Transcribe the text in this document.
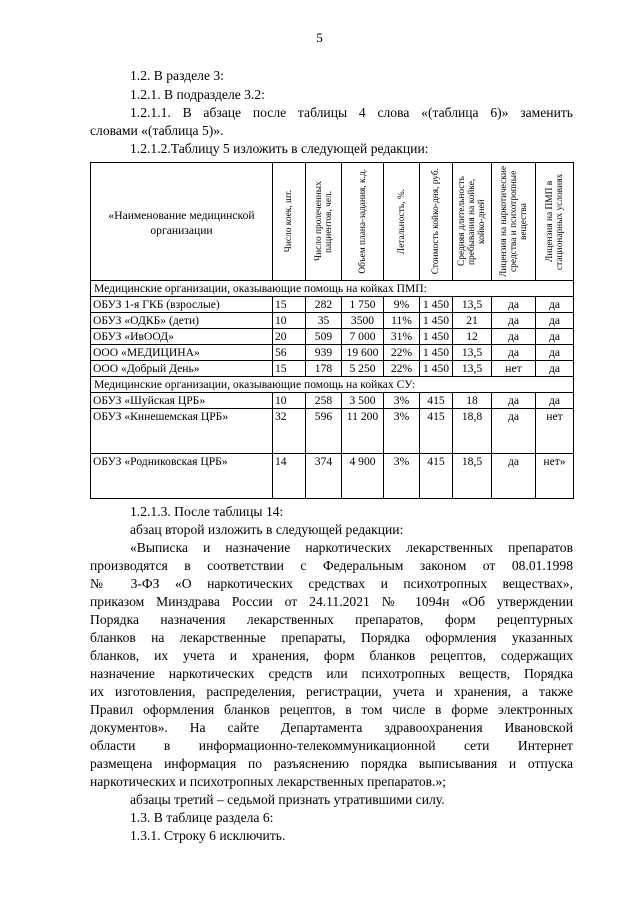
5
1.2. В разделе 3:
1.2.1. В подразделе 3.2:
1.2.1.1. В абзаце после таблицы 4 слова «(таблица 6)» заменить
словами «(таблица 5)».
1.2.1.2.Таблицу 5 изложить в следующей редакции:
«Наименование медицинской организации	Число коек, шт.	Число пролеченных пациентов, чел.	Объем плана-задания, к.д.	Летальность, %.	Стоимость койко-дня, руб.	Средняя длительность пребывания на койке, койко-дней	Лицензия на наркотические средства и психотропные вещества	Лицензия на ПМП в стационарных условиях

Медицинские организации, оказывающие помощь на койках ПМП:								
ОБУЗ 1-я ГКБ (взрослые)	15	282	1 750	9%	1 450	13,5	да	да
ОБУЗ «ОДКБ» (дети)	10	35	3500	11%	1 450	21	да	да
ОБУЗ «ИвООД»	20	509	7 000	31%	1 450	12	да	да
ООО «МЕДИЦИНА»	56	939	19 600	22%	1 450	13,5	да	да
ООО «Добрый День»	15	178	5 250	22%	1 450	13,5	нет	да
Медицинские организации, оказывающие помощь на койках СУ:								
ОБУЗ «Шуйская ЦРБ»	10	258	3 500	3%	415	18	да	да
ОБУЗ «Кинешемская ЦРБ»	32	596	11 200	3%	415	18,8	да	нет
ОБУЗ «Родниковская ЦРБ»	14	374	4 900	3%	415	18,5	да	нет»
1.2.1.3. После таблицы 14:
абзац второй изложить в следующей редакции:
«Выписка и назначение наркотических лекарственных препаратов
производятся в соответствии с Федеральным законом от 08.01.1998
№ 3-ФЗ «О наркотических средствах и психотропных веществах»,
приказом Минздрава России от 24.11.2021 № 1094н «Об утверждении
Порядка назначения лекарственных препаратов, форм рецептурных
бланков на лекарственные препараты, Порядка оформления указанных
бланков, их учета и хранения, форм бланков рецептов, содержащих
назначение наркотических средств или психотропных веществ, Порядка
их изготовления, распределения, регистрации, учета и хранения, а также
Правил оформления бланков рецептов, в том числе в форме электронных
документов». На сайте Департамента здравоохранения Ивановской
области в информационно-телекоммуникационной сети Интернет
размещена информация по разъяснению порядка выписывания и отпуска
наркотических и психотропных лекарственных препаратов.»;
абзацы третий – седьмой признать утратившими силу.
1.3. В таблице раздела 6:
1.3.1. Строку 6 исключить.
